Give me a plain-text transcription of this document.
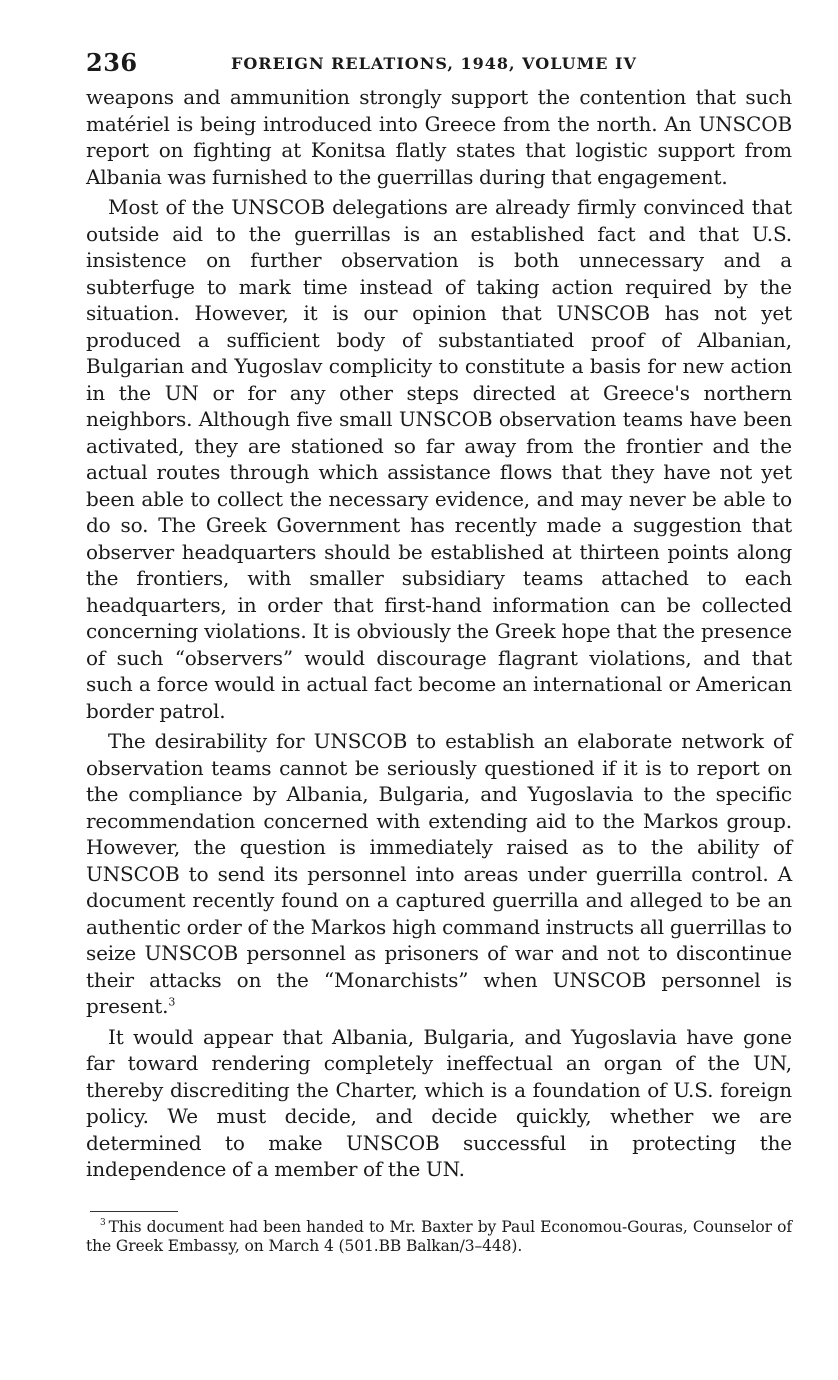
236	FOREIGN RELATIONS, 1948, VOLUME IV

weapons and ammunition strongly support the contention that such matériel is being introduced into Greece from the north. An UNSCOB report on fighting at Konitsa flatly states that logistic support from Albania was furnished to the guerrillas during that engagement.

Most of the UNSCOB delegations are already firmly convinced that outside aid to the guerrillas is an established fact and that U.S. insistence on further observation is both unnecessary and a subterfuge to mark time instead of taking action required by the situation. However, it is our opinion that UNSCOB has not yet produced a sufficient body of substantiated proof of Albanian, Bulgarian and Yugoslav complicity to constitute a basis for new action in the UN or for any other steps directed at Greece's northern neighbors. Although five small UNSCOB observation teams have been activated, they are stationed so far away from the frontier and the actual routes through which assistance flows that they have not yet been able to collect the necessary evidence, and may never be able to do so. The Greek Government has recently made a suggestion that observer headquarters should be established at thirteen points along the frontiers, with smaller subsidiary teams attached to each headquarters, in order that first-hand information can be collected concerning violations. It is obviously the Greek hope that the presence of such “observers” would discourage flagrant violations, and that such a force would in actual fact become an international or American border patrol.

The desirability for UNSCOB to establish an elaborate network of observation teams cannot be seriously questioned if it is to report on the compliance by Albania, Bulgaria, and Yugoslavia to the specific recommendation concerned with extending aid to the Markos group. However, the question is immediately raised as to the ability of UNSCOB to send its personnel into areas under guerrilla control. A document recently found on a captured guerrilla and alleged to be an authentic order of the Markos high command instructs all guerrillas to seize UNSCOB personnel as prisoners of war and not to discontinue their attacks on the “Monarchists” when UNSCOB personnel is present.$^3$

It would appear that Albania, Bulgaria, and Yugoslavia have gone far toward rendering completely ineffectual an organ of the UN, thereby discrediting the Charter, which is a foundation of U.S. foreign policy. We must decide, and decide quickly, whether we are determined to make UNSCOB successful in protecting the independence of a member of the UN.

$^3$ This document had been handed to Mr. Baxter by Paul Economou-Gouras, Counselor of the Greek Embassy, on March 4 (501.BB Balkan/3–448).
